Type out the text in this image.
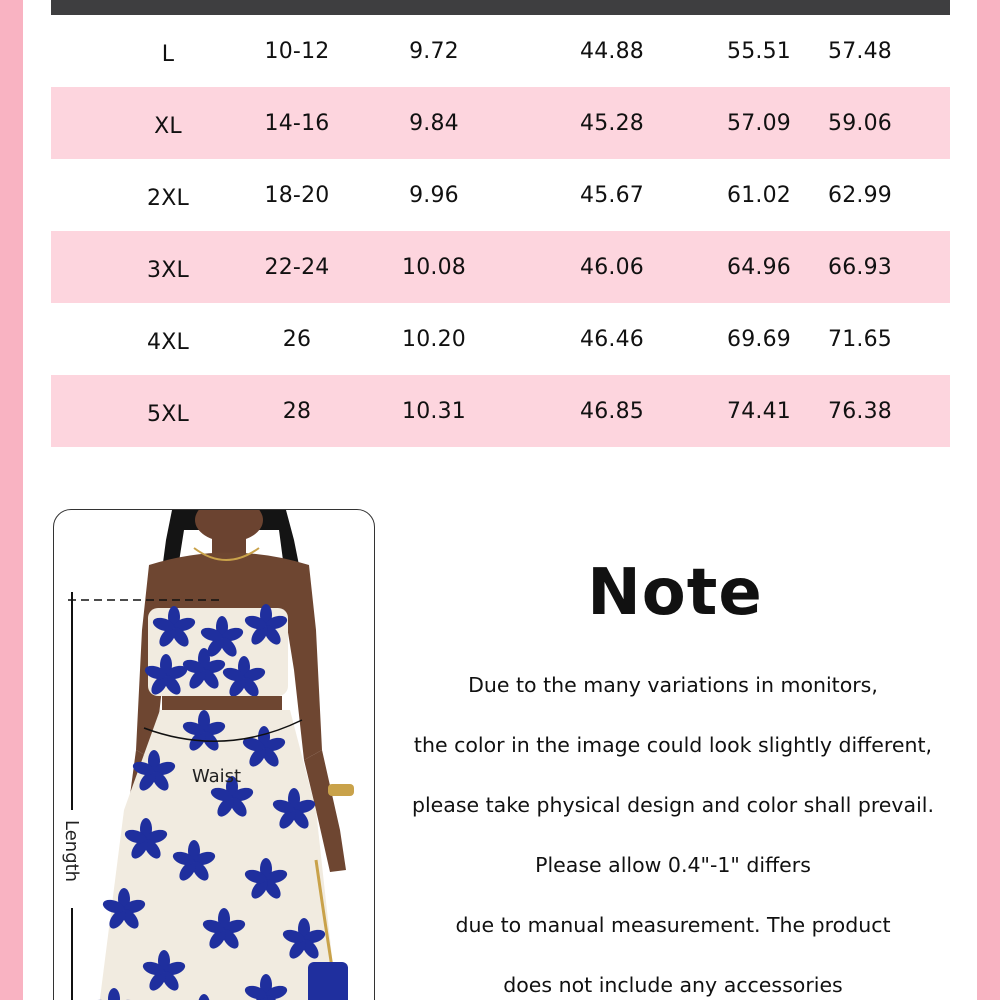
L	10-12	9.72	44.88	55.51	57.48
XL	14-16	9.84	45.28	57.09	59.06
2XL	18-20	9.96	45.67	61.02	62.99
3XL	22-24	10.08	46.06	64.96	66.93
4XL	26	10.20	46.46	69.69	71.65
5XL	28	10.31	46.85	74.41	76.38
Waist
Length
Note
Due to the many variations in monitors,
the color in the image could look slightly different,
please take physical design and color shall prevail.
Please allow 0.4"-1" differs
due to manual measurement. The product
does not include any accessories
